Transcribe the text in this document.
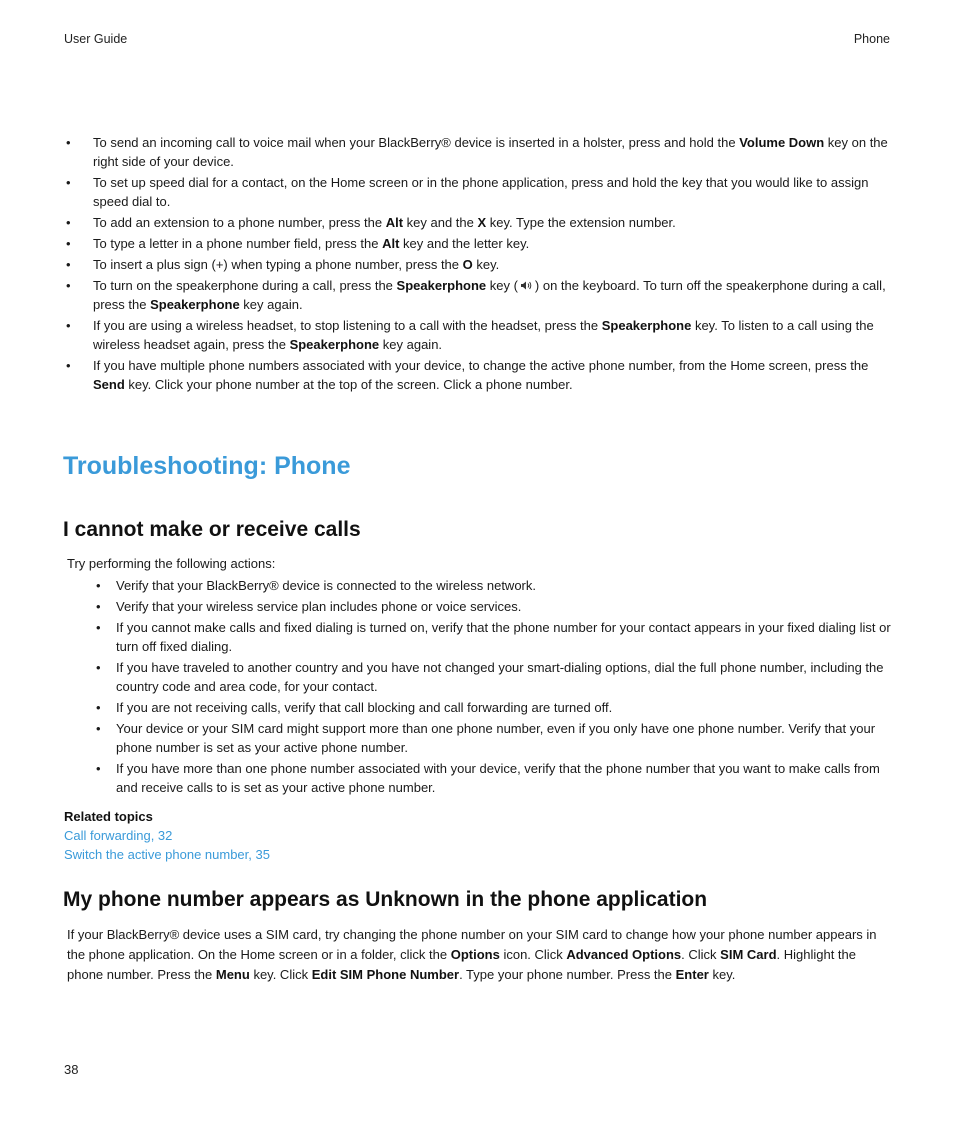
User Guide	Phone
• To send an incoming call to voice mail when your BlackBerry® device is inserted in a holster, press and hold the Volume Down key on the right side of your device.
• To set up speed dial for a contact, on the Home screen or in the phone application, press and hold the key that you would like to assign speed dial to.
• To add an extension to a phone number, press the Alt key and the X key. Type the extension number.
• To type a letter in a phone number field, press the Alt key and the letter key.
• To insert a plus sign (+) when typing a phone number, press the O key.
• To turn on the speakerphone during a call, press the Speakerphone key ( ) on the keyboard. To turn off the speakerphone during a call, press the Speakerphone key again.
• If you are using a wireless headset, to stop listening to a call with the headset, press the Speakerphone key. To listen to a call using the wireless headset again, press the Speakerphone key again.
• If you have multiple phone numbers associated with your device, to change the active phone number, from the Home screen, press the Send key. Click your phone number at the top of the screen. Click a phone number.
Troubleshooting: Phone
I cannot make or receive calls
Try performing the following actions:
• Verify that your BlackBerry® device is connected to the wireless network.
• Verify that your wireless service plan includes phone or voice services.
• If you cannot make calls and fixed dialing is turned on, verify that the phone number for your contact appears in your fixed dialing list or turn off fixed dialing.
• If you have traveled to another country and you have not changed your smart-dialing options, dial the full phone number, including the country code and area code, for your contact.
• If you are not receiving calls, verify that call blocking and call forwarding are turned off.
• Your device or your SIM card might support more than one phone number, even if you only have one phone number. Verify that your phone number is set as your active phone number.
• If you have more than one phone number associated with your device, verify that the phone number that you want to make calls from and receive calls to is set as your active phone number.
Related topics
Call forwarding, 32
Switch the active phone number, 35
My phone number appears as Unknown in the phone application
If your BlackBerry® device uses a SIM card, try changing the phone number on your SIM card to change how your phone number appears in the phone application. On the Home screen or in a folder, click the Options icon. Click Advanced Options. Click SIM Card. Highlight the phone number. Press the Menu key. Click Edit SIM Phone Number. Type your phone number. Press the Enter key.
38
